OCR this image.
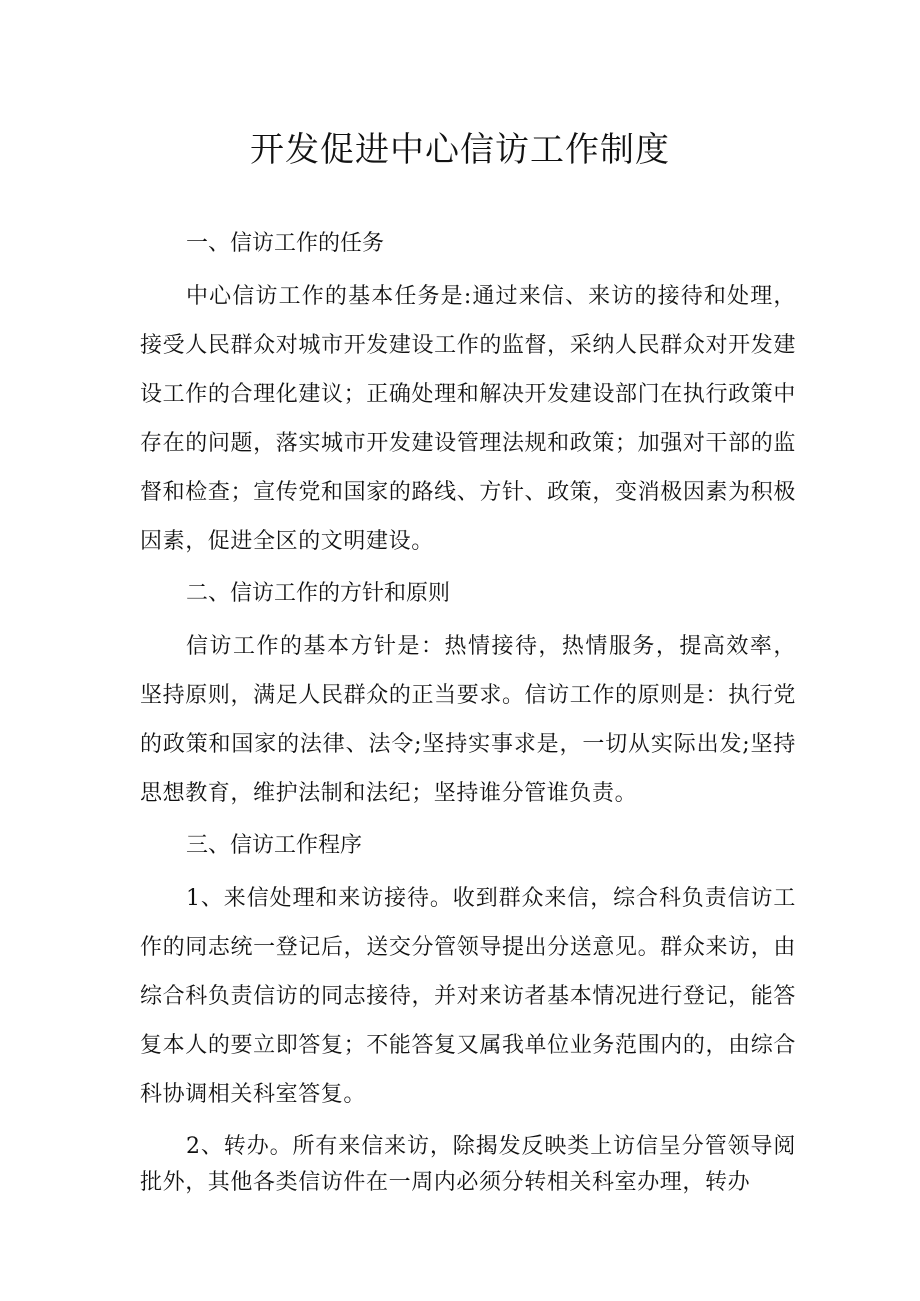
开发促进中心信访工作制度

一、信访工作的任务

中心信访工作的基本任务是:通过来信、来访的接待和处理，接受人民群众对城市开发建设工作的监督，采纳人民群众对开发建设工作的合理化建议；正确处理和解决开发建设部门在执行政策中存在的问题，落实城市开发建设管理法规和政策；加强对干部的监督和检查；宣传党和国家的路线、方针、政策，变消极因素为积极因素，促进全区的文明建设。

二、信访工作的方针和原则

信访工作的基本方针是：热情接待，热情服务，提高效率，坚持原则，满足人民群众的正当要求。信访工作的原则是：执行党的政策和国家的法律、法令;坚持实事求是，一切从实际出发;坚持思想教育，维护法制和法纪；坚持谁分管谁负责。

三、信访工作程序

1、来信处理和来访接待。收到群众来信，综合科负责信访工作的同志统一登记后，送交分管领导提出分送意见。群众来访，由综合科负责信访的同志接待，并对来访者基本情况进行登记，能答复本人的要立即答复；不能答复又属我单位业务范围内的，由综合科协调相关科室答复。

2、转办。所有来信来访，除揭发反映类上访信呈分管领导阅批外，其他各类信访件在一周内必须分转相关科室办理，转办
